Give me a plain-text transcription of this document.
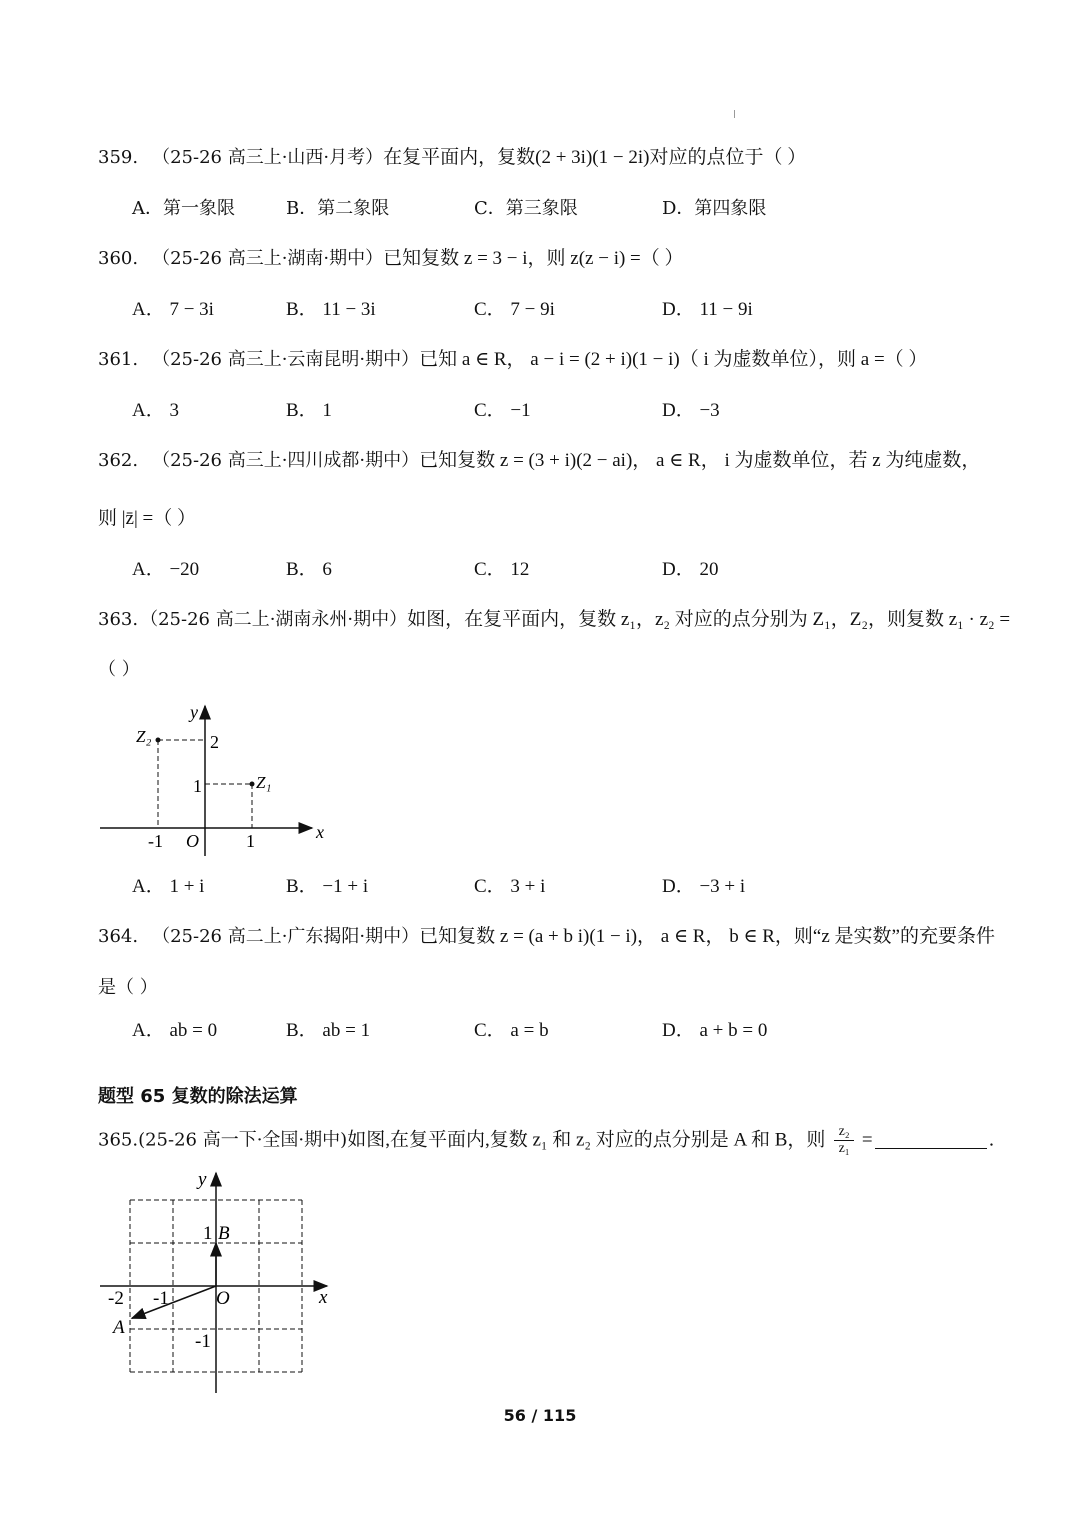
359. （25-26 高三上·山西·月考）在复平面内，复数(2 + 3i)(1 − 2i)对应的点位于（ ）
A．第一象限	B．第二象限	C．第三象限	D．第四象限
360. （25-26 高三上·湖南·期中）已知复数 z = 3 − i，则 z(z − i) =（ ）
A． 7 − 3i	B． 11 − 3i	C． 7 − 9i	D． 11 − 9i
361. （25-26 高三上·云南昆明·期中）已知 a ∈ R， a − i = (2 + i)(1 − i)（ i 为虚数单位），则 a =（ ）
A． 3	B． 1	C． −1	D． −3
362. （25-26 高三上·四川成都·期中）已知复数 z = (3 + i)(2 − ai)， a ∈ R， i 为虚数单位，若 z 为纯虚数，
则 |z̄| =（ ）
A． −20	B． 6	C． 12	D． 20
363. （25-26 高二上·湖南永州·期中）如图，在复平面内，复数 z₁，z₂ 对应的点分别为 Z₁，Z₂，则复数 z₁ · z₂ =
（ ）
x
y
O
-1	1
1
2
Z₁
Z₂
A． 1 + i	B． −1 + i	C． 3 + i	D． −3 + i
364. （25-26 高二上·广东揭阳·期中）已知复数 z = (a + b i)(1 − i)， a ∈ R， b ∈ R，则“z 是实数”的充要条件
是（ ）
A． ab = 0	B． ab = 1	C． a = b	D． a + b = 0
题型 65 复数的除法运算
365.(25-26 高一下·全国·期中)如图,在复平面内,复数 z₁ 和 z₂ 对应的点分别是 A 和 B，则 $\frac{\text{z₂}}{\text{z₁}}$ =	.
x
y
O
-2 -1
1
-1
B
A
56 / 115
